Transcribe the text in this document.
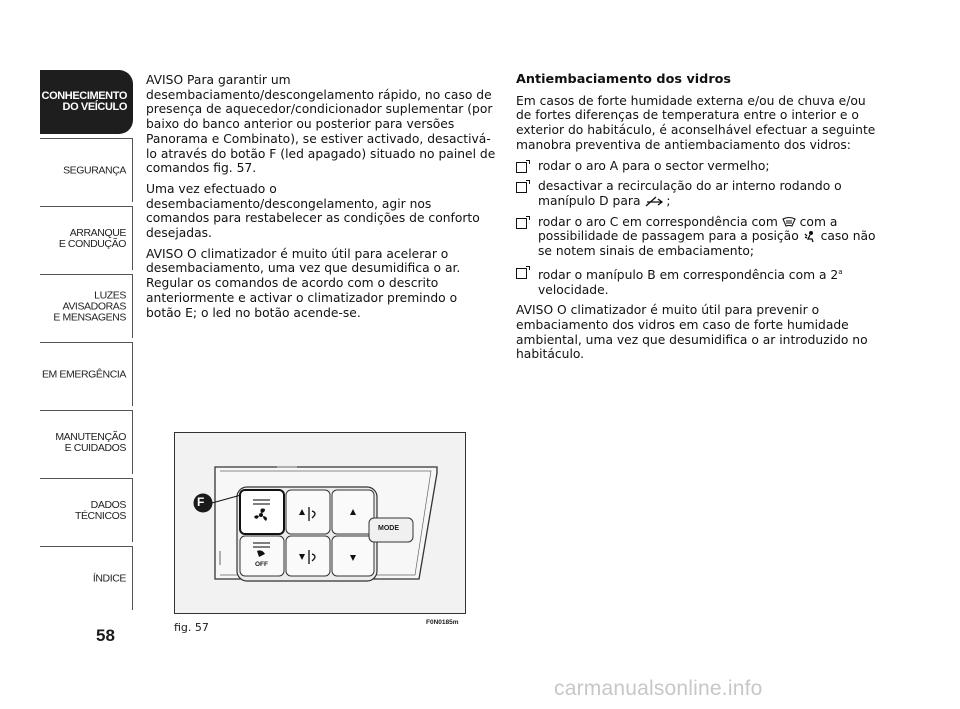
CONHECIMENTO
DO VEÍCULO
SEGURANÇA
ARRANQUE
E CONDUÇÃO
LUZES
AVISADORAS
E MENSAGENS
EM EMERGÊNCIA
MANUTENÇÃO
E CUIDADOS
DADOS
TÉCNICOS
ÍNDICE
58

AVISO Para garantir um desembaciamento/descongelamento rápido, no caso de presença de aquecedor/condicionador suplementar (por baixo do banco anterior ou posterior para versões Panorama e Combinato), se estiver activado, desactivá-lo através do botão F (led apagado) situado no painel de comandos fig. 57.

Uma vez efectuado o desembaciamento/descongelamento, agir nos comandos para restabelecer as condições de conforto desejadas.

AVISO O climatizador é muito útil para acelerar o desembaciamento, uma vez que desumidifica o ar. Regular os comandos de acordo com o descrito anteriormente e activar o climatizador premindo o botão E; o led no botão acende-se.

Antiembaciamento dos vidros

Em casos de forte humidade externa e/ou de chuva e/ou de fortes diferenças de temperatura entre o interior e o exterior do habitáculo, é aconselhável efectuar a seguinte manobra preventiva de antiembaciamento dos vidros:

rodar o aro A para o sector vermelho;
desactivar a recirculação do ar interno rodando o manípulo D para ;
rodar o aro C em correspondência com com a possibilidade de passagem para a posição caso não se notem sinais de embaciamento;
rodar o manípulo B em correspondência com a 2$^a$ velocidade.

AVISO O climatizador é muito útil para prevenir o embaciamento dos vidros em caso de forte humidade ambiental, uma vez que desumidifica o ar introduzido no habitáculo.

F
MODE
OFF
fig. 57	F0N0185m
carmanualsonline.info
